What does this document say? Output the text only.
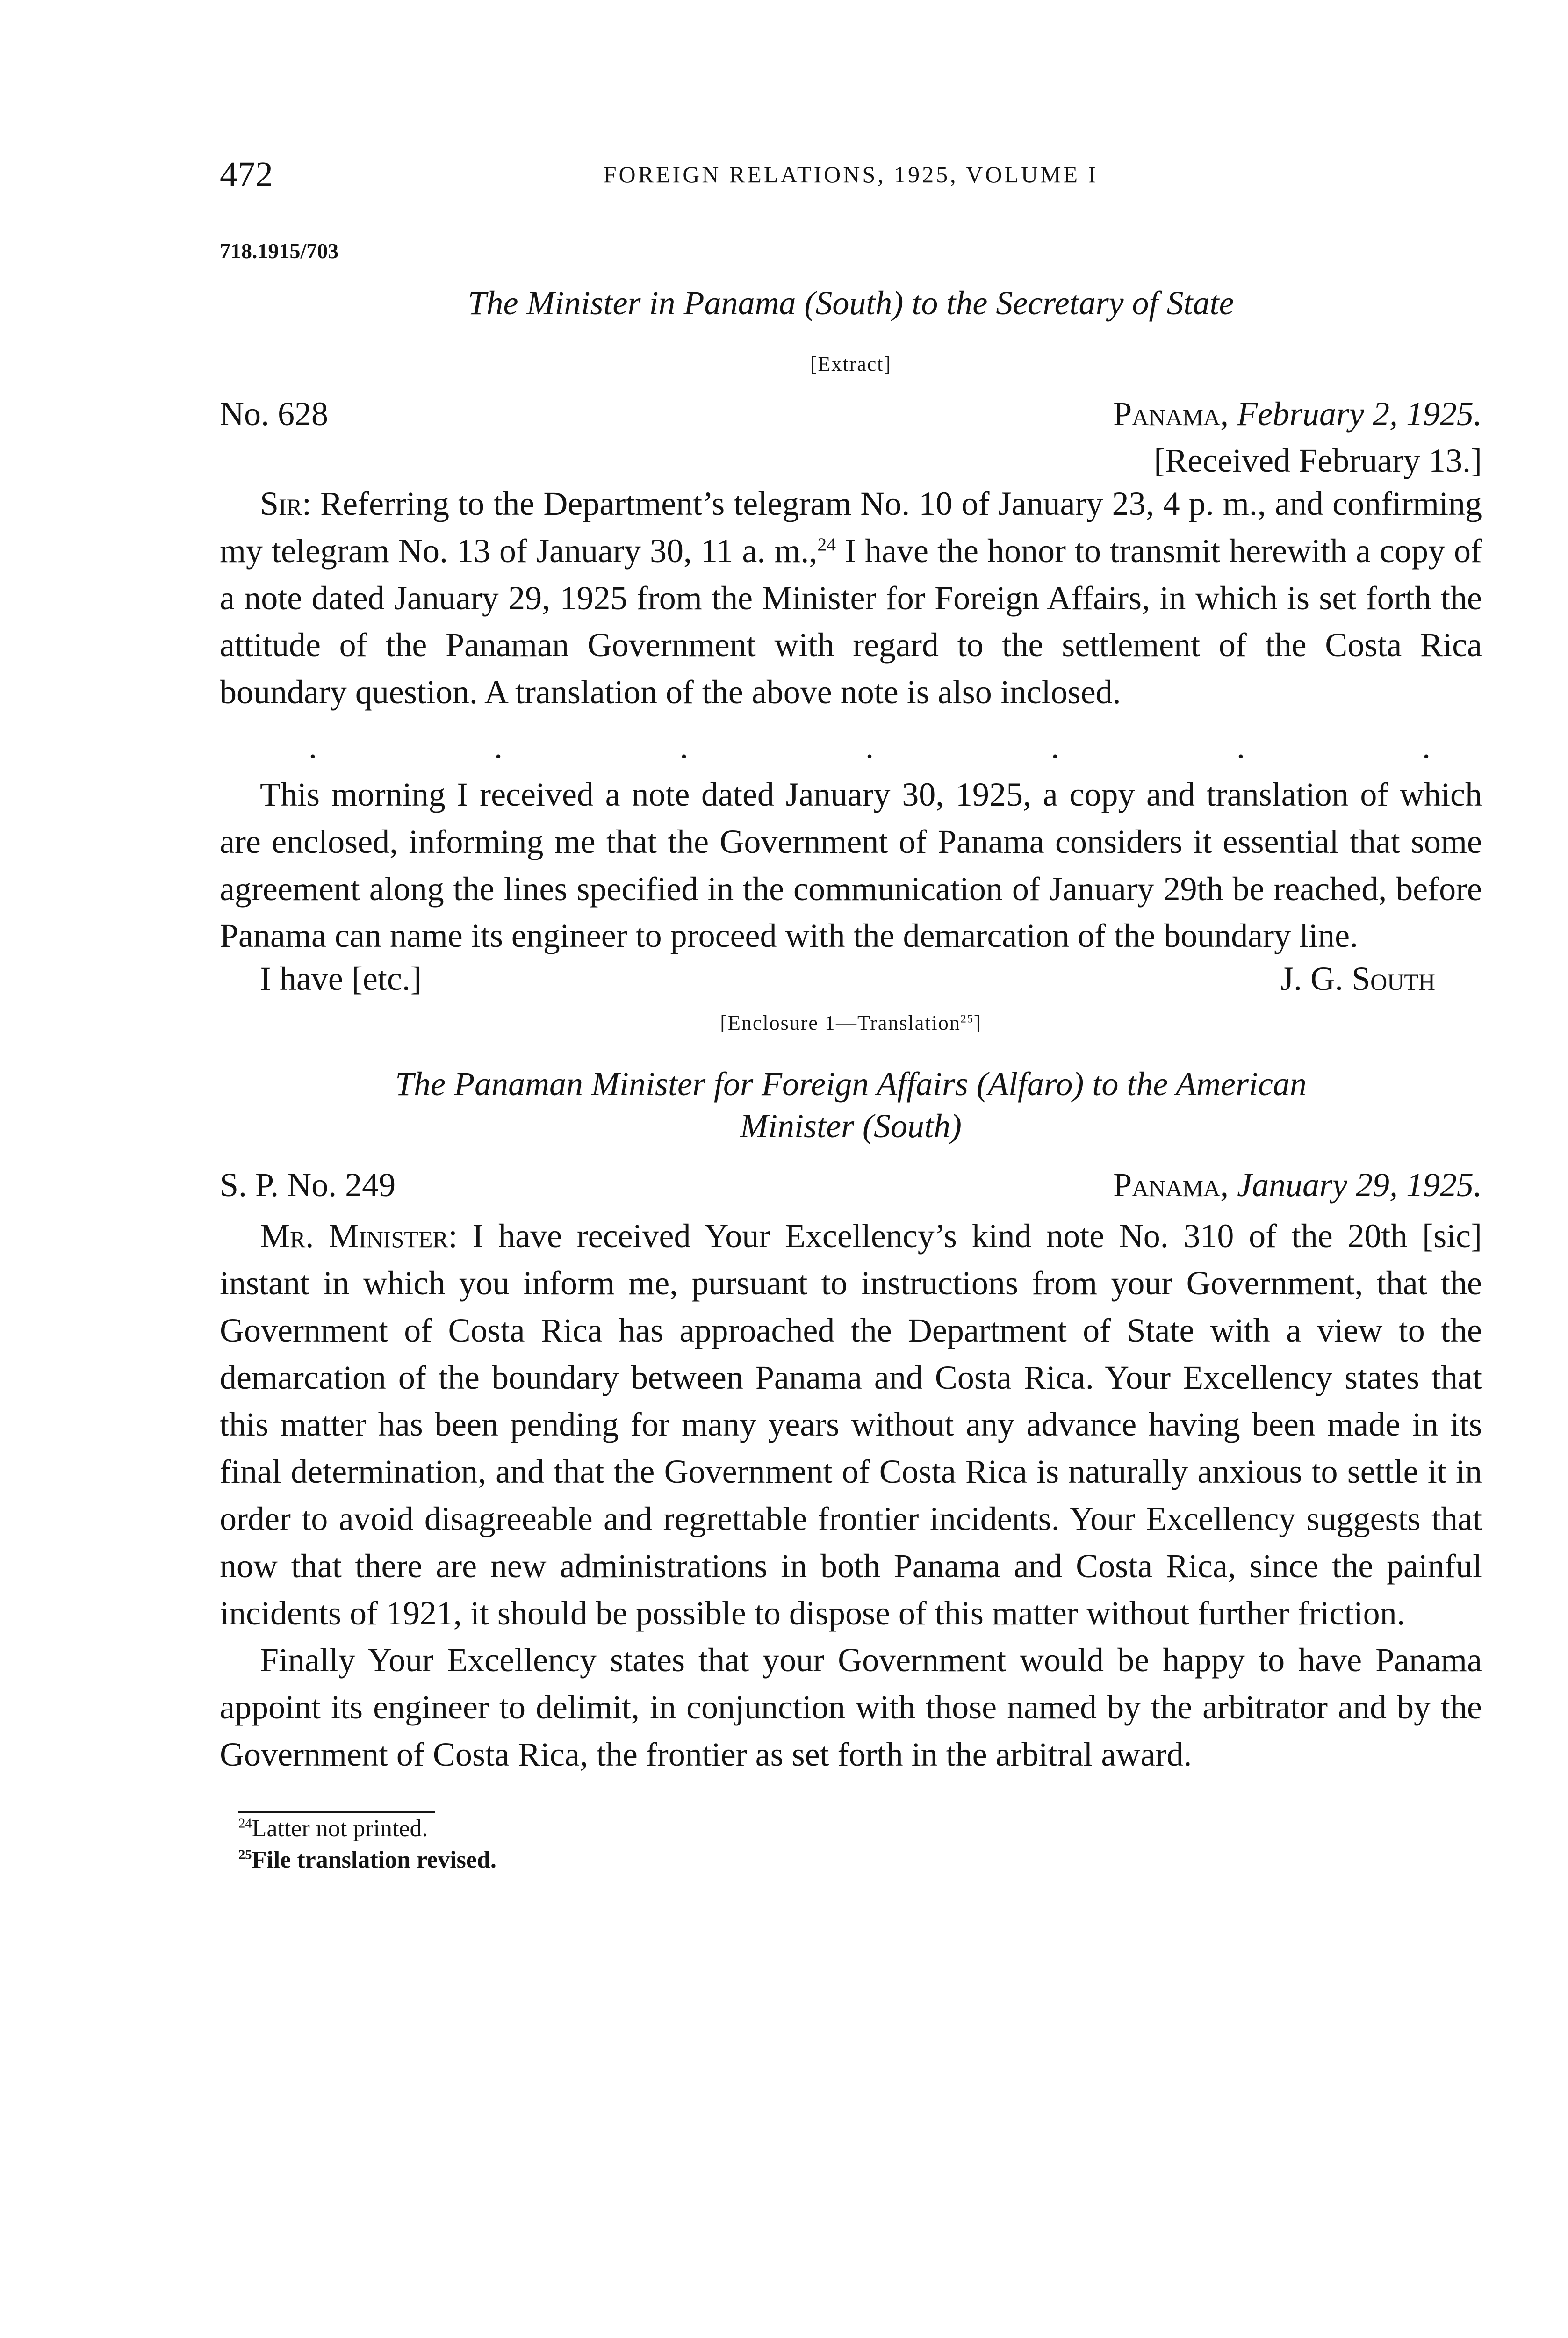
472	FOREIGN RELATIONS, 1925, VOLUME I
718.1915/703
The Minister in Panama (South) to the Secretary of State
[Extract]
No. 628	Panama, February 2, 1925.
[Received February 13.]

Sir: Referring to the Department’s telegram No. 10 of January 23, 4 p. m., and confirming my telegram No. 13 of January 30, 11 a. m.,$^{24}$ I have the honor to transmit herewith a copy of a note dated January 29, 1925 from the Minister for Foreign Affairs, in which is set forth the attitude of the Panaman Government with regard to the settlement of the Costa Rica boundary question. A translation of the above note is also inclosed.

.	.	.	.	.	.	.

This morning I received a note dated January 30, 1925, a copy and translation of which are enclosed, informing me that the Government of Panama considers it essential that some agreement along the lines specified in the communication of January 29th be reached, before Panama can name its engineer to proceed with the demarcation of the boundary line.

I have [etc.]	J. G. South
[Enclosure 1—Translation$^{25}$]
The Panaman Minister for Foreign Affairs (Alfaro) to the American
Minister (South)
S. P. No. 249	Panama, January 29, 1925.

Mr. Minister: I have received Your Excellency’s kind note No. 310 of the 20th [sic] instant in which you inform me, pursuant to instructions from your Government, that the Government of Costa Rica has approached the Department of State with a view to the demarcation of the boundary between Panama and Costa Rica. Your Excellency states that this matter has been pending for many years without any advance having been made in its final determination, and that the Government of Costa Rica is naturally anxious to settle it in order to avoid disagreeable and regrettable frontier incidents. Your Excellency suggests that now that there are new administrations in both Panama and Costa Rica, since the painful incidents of 1921, it should be possible to dispose of this matter without further friction.

Finally Your Excellency states that your Government would be happy to have Panama appoint its engineer to delimit, in conjunction with those named by the arbitrator and by the Government of Costa Rica, the frontier as set forth in the arbitral award.

$^{24}$Latter not printed.
$^{25}$File translation revised.
